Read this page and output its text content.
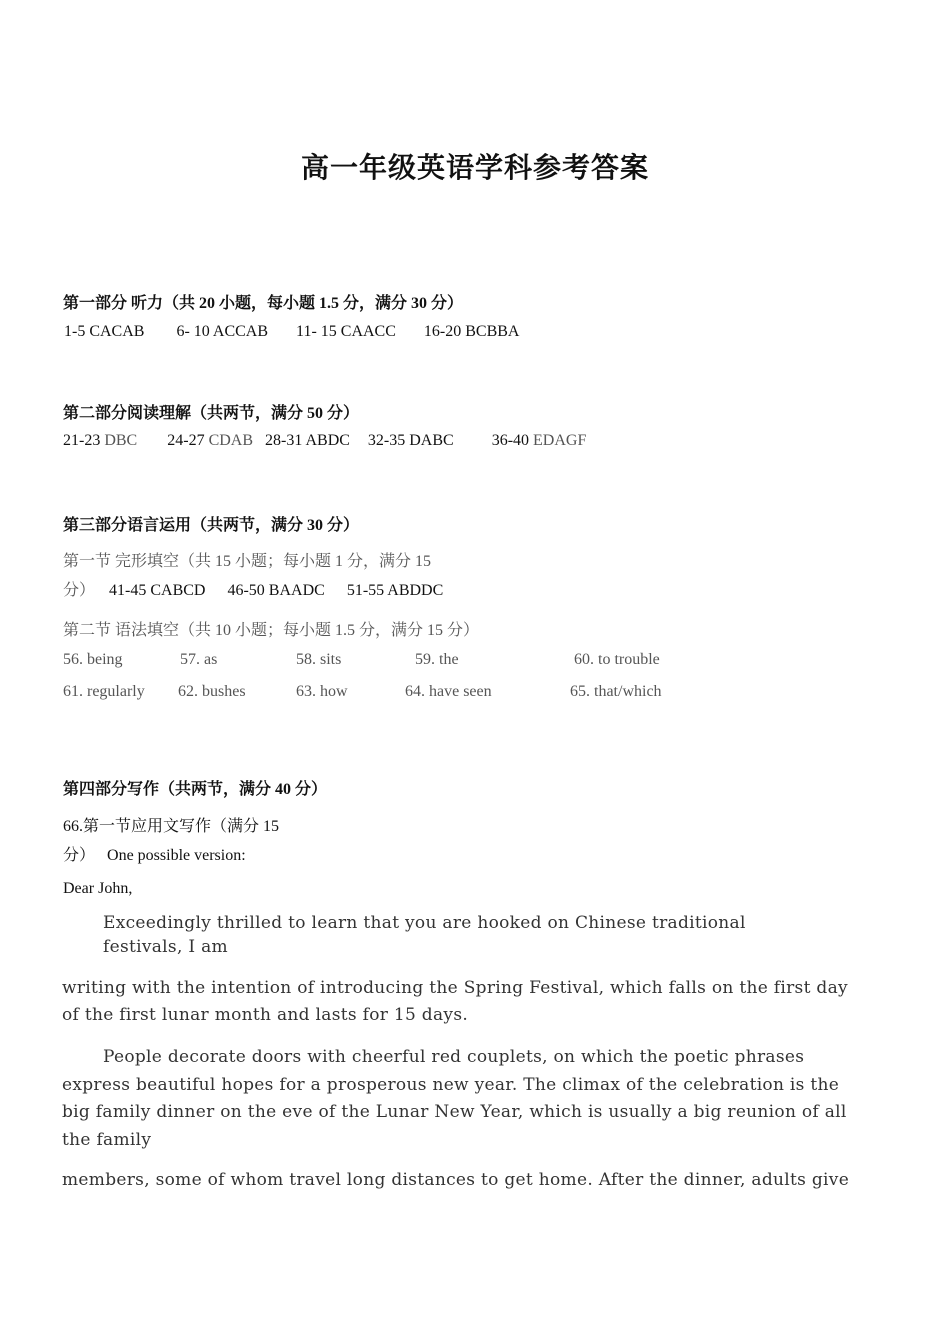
高一年级英语学科参考答案
第一部分 听力（共 20 小题，每小题 1.5 分，满分 30 分）
1-5 CACAB 6- 10 ACCAB 11- 15 CAACC 16-20 BCBBA
第二部分阅读理解（共两节，满分 50 分）
21-23 DBC 24-27 CDAB 28-31 ABDC 32-35 DABC 36-40 EDAGF
第三部分语言运用（共两节，满分 30 分）
第一节 完形填空（共 15 小题；每小题 1 分，满分 15
分） 41-45 CABCD 46-50 BAADC 51-55 ABDDC
第二节 语法填空（共 10 小题；每小题 1.5 分，满分 15 分）
56. being	57. as	58. sits	59. the	60. to trouble
61. regularly 62. bushes	63. how	64. have seen	65. that/which
第四部分写作（共两节，满分 40 分）
66.第一节应用文写作（满分 15
分） One possible version:
Dear John,
Exceedingly thrilled to learn that you are hooked on Chinese traditional
festivals, I am
writing with the intention of introducing the Spring Festival, which falls on the first day of the first lunar month and lasts for 15 days.
People decorate doors with cheerful red couplets, on which the poetic phrases express beautiful hopes for a prosperous new year. The climax of the celebration is the big family dinner on the eve of the Lunar New Year, which is usually a big reunion of all the family
members, some of whom travel long distances to get home. After the dinner, adults give
